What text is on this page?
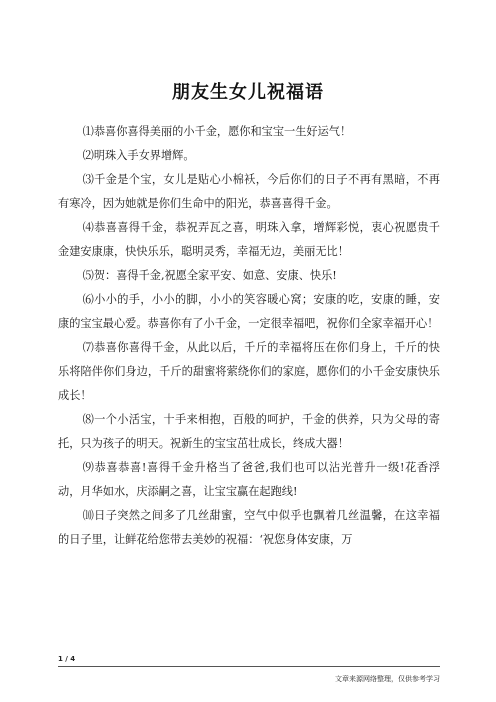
朋友生女儿祝福语

⑴恭喜你喜得美丽的小千金，愿你和宝宝一生好运气！

⑵明珠入手女界增辉。

⑶千金是个宝，女儿是贴心小棉袄，今后你们的日子不再有黑暗，不再有寒冷，因为她就是你们生命中的阳光，恭喜喜得千金。

⑷恭喜喜得千金，恭祝弄瓦之喜，明珠入拿，增辉彩悦，衷心祝愿贵千金建安康康，快快乐乐，聪明灵秀，幸福无边，美丽无比！

⑸贺：喜得千金,祝愿全家平安、如意、安康、快乐!

⑹小小的手，小小的脚，小小的笑容暖心窝；安康的吃，安康的睡，安康的宝宝最心爱。恭喜你有了小千金，一定很幸福吧，祝你们全家幸福开心！

⑺恭喜你喜得千金，从此以后，千斤的幸福将压在你们身上，千斤的快乐将陪伴你们身边，千斤的甜蜜将萦绕你们的家庭，愿你们的小千金安康快乐成长！

⑻一个小活宝，十手来相抱，百般的呵护，千金的供养，只为父母的寄托，只为孩子的明天。祝新生的宝宝茁壮成长，终成大器！

⑼恭喜恭喜!喜得千金升格当了爸爸,我们也可以沾光普升一级!花香浮动，月华如水，庆添嗣之喜，让宝宝赢在起跑线!

⑽日子突然之间多了几丝甜蜜，空气中似乎也飘着几丝温馨，在这幸福的日子里，让鲜花给您带去美妙的祝福：‘祝您身体安康，万

1 / 4
文章来源网络整理，仅供参考学习
